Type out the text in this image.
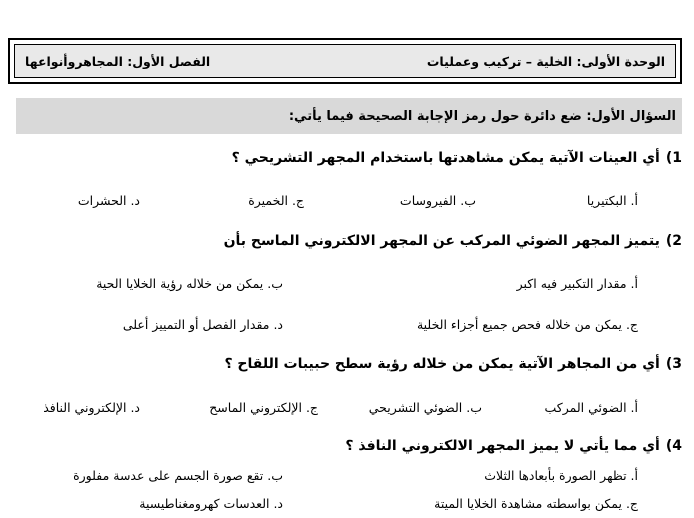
الوحدة الأولى: الخلية – تركيب وعمليات
الفصل الأول: المجاهروأنواعها
السؤال الأول: ضع دائرة حول رمز الإجابة الصحيحة فيما يأتي:
1)أي العينات الآتية يمكن مشاهدتها باستخدام المجهر التشريحي ؟
أ. البكتيريا
ب. الفيروسات
ج. الخميرة
د. الحشرات
2)يتميز المجهر الضوئي المركب عن المجهر الالكتروني الماسح بأن
أ. مقدار التكبير فيه اكبر
ب. يمكن من خلاله رؤية الخلايا الحية
ج. يمكن من خلاله فحص جميع أجزاء الخلية
د. مقدار الفصل أو التمييز أعلى
3)أي من المجاهر الآتية يمكن من خلاله رؤية سطح حبيبات اللقاح ؟
أ. الضوئي المركب
ب. الضوئي التشريحي
ج. الإلكتروني الماسح
د. الإلكتروني النافذ
4)أي مما يأتي لا يميز المجهر الالكتروني النافذ ؟
أ. تظهر الصورة بأبعادها الثلاث
ب. تقع صورة الجسم على عدسة مفلورة
ج. يمكن بواسطته مشاهدة الخلايا الميتة
د. العدسات كهرومغناطيسية
